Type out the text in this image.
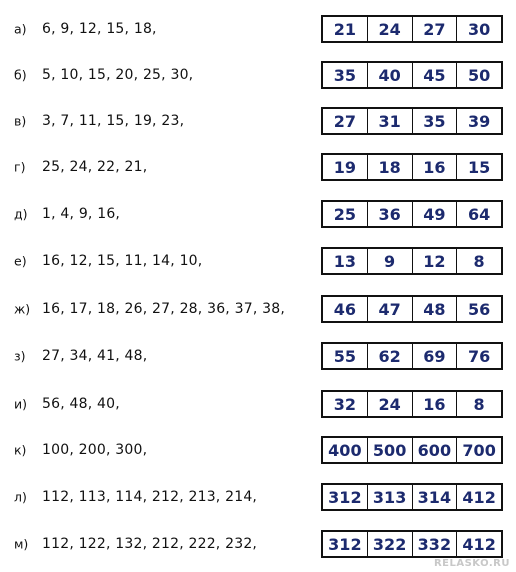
а) 6, 9, 12, 15, 18,	21	24	27	30
б) 5, 10, 15, 20, 25, 30,	35	40	45	50
в) 3, 7, 11, 15, 19, 23,	27	31	35	39
г) 25, 24, 22, 21,	19	18	16	15
д) 1, 4, 9, 16,	25	36	49	64
е) 16, 12, 15, 11, 14, 10,	13	9	12	8
ж) 16, 17, 18, 26, 27, 28, 36, 37, 38,	46	47	48	56
з) 27, 34, 41, 48,	55	62	69	76
и) 56, 48, 40,	32	24	16	8
к) 100, 200, 300,	400 500 600 700
л) 112, 113, 114, 212, 213, 214,	312 313 314 412
м) 112, 122, 132, 212, 222, 232,	312 322 332 412
RELASKO.RU
